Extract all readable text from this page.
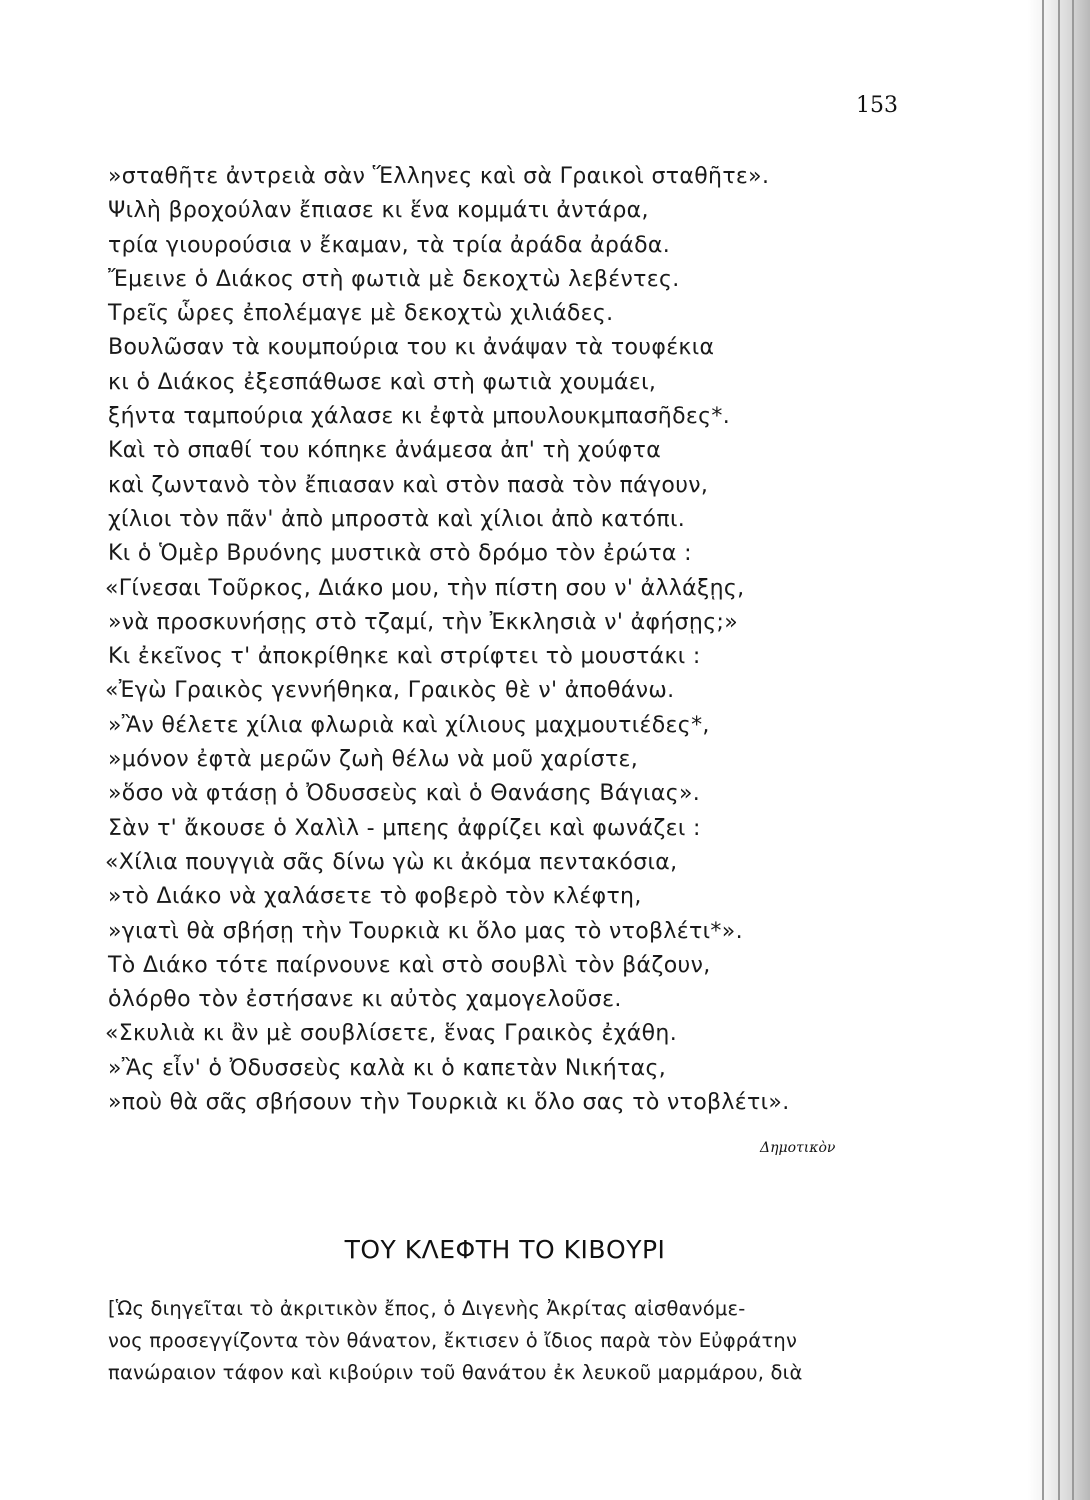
153
»σταθῆτε ἀντρειὰ σὰν Ἕλληνες καὶ σὰ Γραικοὶ σταθῆτε».
Ψιλὴ βροχούλαν ἔπιασε κι ἕνα κομμάτι ἀντάρα,
τρία γιουρούσια ν ἔκαμαν, τὰ τρία ἀράδα ἀράδα.
Ἔμεινε ὁ Διάκος στὴ φωτιὰ μὲ δεκοχτὼ λεβέντες.
Τρεῖς ὧρες ἐπολέμαγε μὲ δεκοχτὼ χιλιάδες.
Βουλῶσαν τὰ κουμπούρια του κι ἀνάψαν τὰ τουφέκια
κι ὁ Διάκος ἐξεσπάθωσε καὶ στὴ φωτιὰ χουμάει,
ξήντα ταμπούρια χάλασε κι ἐφτὰ μπουλουκμπασῆδες*.
Καὶ τὸ σπαθί του κόπηκε ἀνάμεσα ἀπ' τὴ χούφτα
καὶ ζωντανὸ τὸν ἔπιασαν καὶ στὸν πασὰ τὸν πάγουν,
χίλιοι τὸν πᾶν' ἀπὸ μπροστὰ καὶ χίλιοι ἀπὸ κατόπι.
Κι ὁ Ὁμὲρ Βρυόνης μυστικὰ στὸ δρόμο τὸν ἐρώτα :
«Γίνεσαι Τοῦρκος, Διάκο μου, τὴν πίστη σου ν' ἀλλάξῃς,
»νὰ προσκυνήσῃς στὸ τζαμί, τὴν Ἐκκλησιὰ ν' ἀφήσῃς;»
Κι ἐκεῖνος τ' ἀποκρίθηκε καὶ στρίφτει τὸ μουστάκι :
«Ἐγὼ Γραικὸς γεννήθηκα, Γραικὸς θὲ ν' ἀποθάνω.
»Ἂν θέλετε χίλια φλωριὰ καὶ χίλιους μαχμουτιέδες*,
»μόνον ἐφτὰ μερῶν ζωὴ θέλω νὰ μοῦ χαρίστε,
»ὅσο νὰ φτάσῃ ὁ Ὀδυσσεὺς καὶ ὁ Θανάσης Βάγιας».
Σὰν τ' ἄκουσε ὁ Χαλὶλ - μπεης ἀφρίζει καὶ φωνάζει :
«Χίλια πουγγιὰ σᾶς δίνω γὼ κι ἀκόμα πεντακόσια,
»τὸ Διάκο νὰ χαλάσετε τὸ φοβερὸ τὸν κλέφτη,
»γιατὶ θὰ σβήσῃ τὴν Τουρκιὰ κι ὅλο μας τὸ ντοβλέτι*».
Τὸ Διάκο τότε παίρνουνε καὶ στὸ σουβλὶ τὸν βάζουν,
ὁλόρθο τὸν ἐστήσανε κι αὐτὸς χαμογελοῦσε.
«Σκυλιὰ κι ἂν μὲ σουβλίσετε, ἕνας Γραικὸς ἐχάθη.
»Ἂς εἶν' ὁ Ὀδυσσεὺς καλὰ κι ὁ καπετὰν Νικήτας,
»ποὺ θὰ σᾶς σβήσουν τὴν Τουρκιὰ κι ὅλο σας τὸ ντοβλέτι».
Δημοτικὸν
ΤΟΥ ΚΛΕΦΤΗ ΤΟ ΚΙΒΟΥΡΙ
[Ὡς διηγεῖται τὸ ἀκριτικὸν ἔπος, ὁ Διγενὴς Ἀκρίτας αἰσθανόμε-
νος προσεγγίζοντα τὸν θάνατον, ἔκτισεν ὁ ἴδιος παρὰ τὸν Εὐφράτην
πανώραιον τάφον καὶ κιβούριν τοῦ θανάτου ἐκ λευκοῦ μαρμάρου, διὰ
